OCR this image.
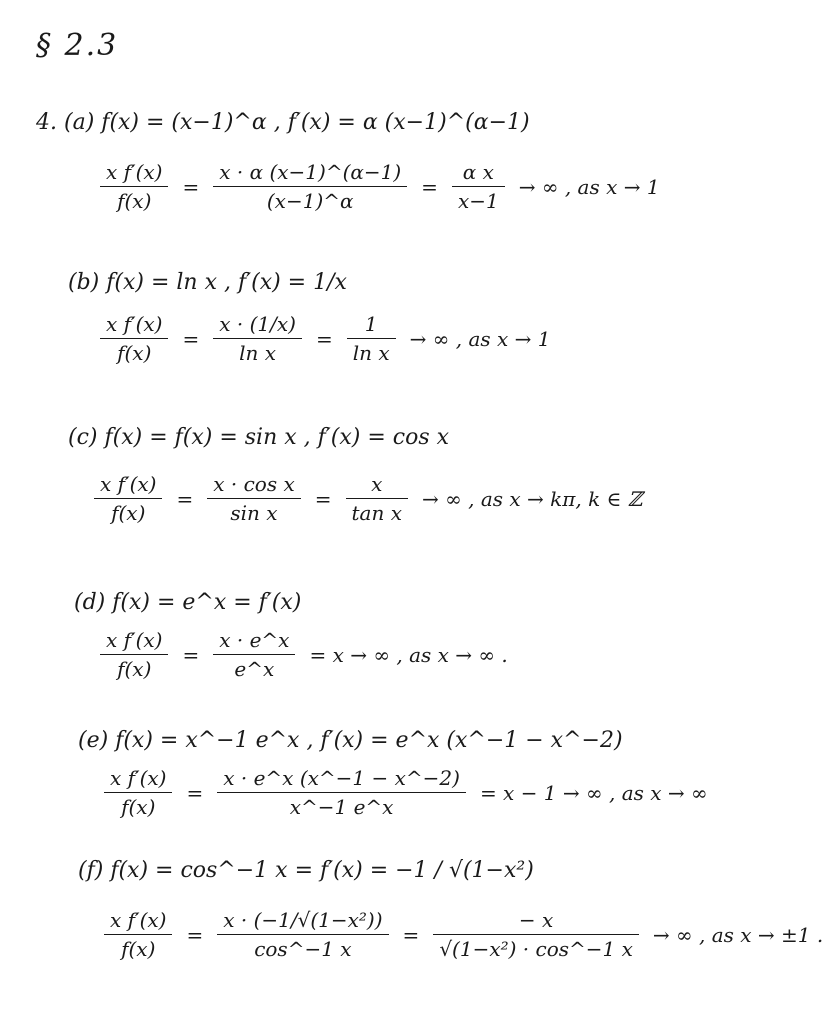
§ 2.3
4. (a) f(x) = (x−1)^α , f′(x) = α (x−1)^(α−1)
$\frac{\text{x f′(x)}}{f(x)} = \frac{x \cdot \alpha (x-1)\^{}(\alpha-1)}{(x-1)\^{}\alpha} = \frac{\text{α x}}{x-1}$ → ∞ , as x → 1
(b) f(x) = ln x , f′(x) = 1/x
$\frac{\text{x f′(x)}}{f(x)} = \frac{x \cdot (1/x)}{\text{ln x}} = \frac{1}{\text{ln x}}$ → ∞ , as x → 1
(c) f(x) = f(x) = sin x , f′(x) = cos x
$\frac{\text{x f′(x)}}{f(x)} = \frac{\text{x · cos x}}{\text{sin x}} = \frac{x}{\text{tan x}}$ → ∞ , as x → kπ, k ∈ ℤ
(d) f(x) = e^x = f′(x)
$\frac{\text{x f′(x)}}{f(x)} = \frac{x \cdot e\^{}x}{e\^{}x} = x$ → ∞ , as x → ∞ .
(e) f(x) = x^−1 e^x , f′(x) = e^x (x^−1 − x^−2)
$\frac{\text{x f′(x)}}{f(x)} = \frac{x \cdot e\^{}x (x\^{}-1 - x\^{}-2)}{x\^{}-1 e\^{}x} = x - 1$ → ∞ , as x → ∞
(f) f(x) = cos^−1 x = f′(x) = −1 / √(1−x²)
$\frac{\text{x f′(x)}}{f(x)} = \frac{\text{x · (−1/√(1−x²))}}{\cos\^{}-1 x} = \frac{- x}{\text{√(1−x²) · cos\textasciicircum{}−1 x}}$ → ∞ , as x → ±1 .
